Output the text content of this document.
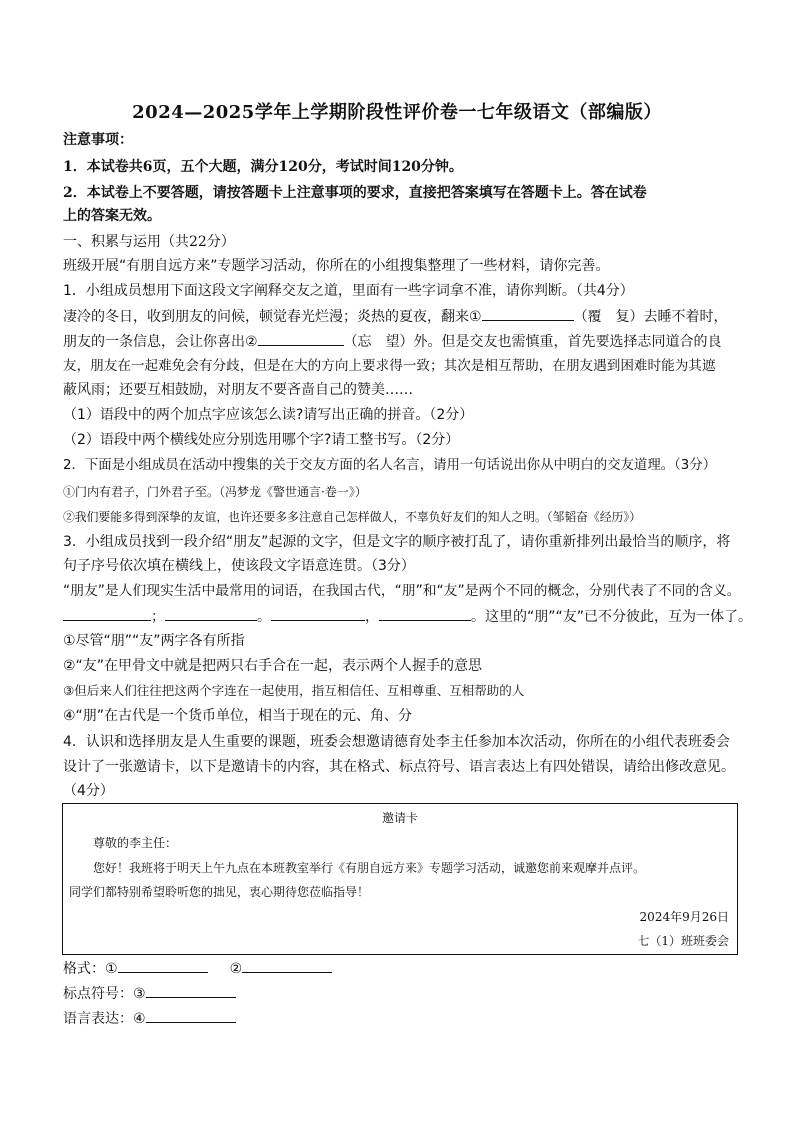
2024—2025学年上学期阶段性评价卷一七年级语文（部编版）
注意事项：
1．本试卷共6页，五个大题，满分120分，考试时间120分钟。
2．本试卷上不要答题，请按答题卡上注意事项的要求，直接把答案填写在答题卡上。答在试卷
上的答案无效。
一、积累与运用（共22分）
班级开展“有朋自远方来”专题学习活动，你所在的小组搜集整理了一些材料，请你完善。
1．小组成员想用下面这段文字阐释交友之道，里面有一些字词拿不准，请你判断。（共4分）
凄冷的冬日，收到朋友的问候，顿觉春光烂漫；炎热的夏夜，翻来①	（覆　复）去睡不着时，
朋友的一条信息，会让你喜出②	（忘　望）外。但是交友也需慎重，首先要选择志同道合的良
友，朋友在一起难免会有分歧，但是在大的方向上要求得一致；其次是相互帮助，在朋友遇到困难时能为其遮
蔽风雨；还要互相鼓励，对朋友不要吝啬自己的赞美……
（1）语段中的两个加点字应该怎么读?请写出正确的拼音。（2分）
（2）语段中两个横线处应分别选用哪个字?请工整书写。（2分）
2．下面是小组成员在活动中搜集的关于交友方面的名人名言，请用一句话说出你从中明白的交友道理。（3分）
①门内有君子，门外君子至。（冯梦龙《警世通言·卷一》）
②我们要能多得到深挚的友谊，也许还要多多注意自己怎样做人，不辜负好友们的知人之明。（邹韬奋《经历》）
3．小组成员找到一段介绍“朋友”起源的文字，但是文字的顺序被打乱了，请你重新排列出最恰当的顺序，将
句子序号依次填在横线上，使该段文字语意连贯。（3分）
“朋友”是人们现实生活中最常用的词语，在我国古代，“朋”和“友”是两个不同的概念，分别代表了不同的含义。
；	。	，	。这里的“朋”“友”已不分彼此，互为一体了。
①尽管“朋”“友”两字各有所指
②“友”在甲骨文中就是把两只右手合在一起，表示两个人握手的意思
③但后来人们往往把这两个字连在一起使用，指互相信任、互相尊重、互相帮助的人
④“朋”在古代是一个货币单位，相当于现在的元、角、分
4．认识和选择朋友是人生重要的课题，班委会想邀请德育处李主任参加本次活动，你所在的小组代表班委会
设计了一张邀请卡，以下是邀请卡的内容，其在格式、标点符号、语言表达上有四处错误，请给出修改意见。
（4分）
邀请卡
尊敬的李主任：
您好！我班将于明天上午九点在本班教室举行《有朋自远方来》专题学习活动，诚邀您前来观摩并点评。
同学们都特别希望聆听您的拙见，衷心期待您莅临指导！
2024年9月26日
七（1）班班委会
格式：①	②
标点符号：③
语言表达：④
